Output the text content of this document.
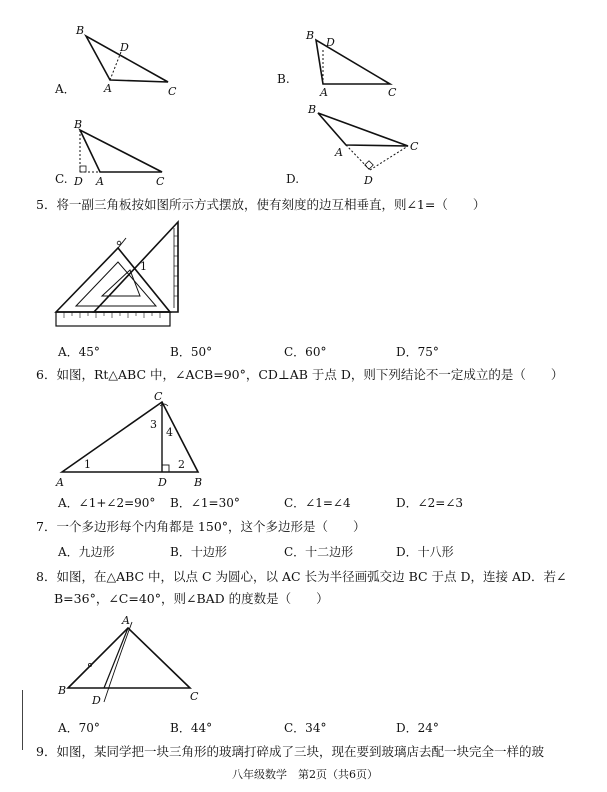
A．
B
D
A	C
B.
B
D
A	C
C.
B
D A	C	D.
B
A	C
D
5．将一副三角板按如图所示方式摆放，使有刻度的边互相垂直，则∠1=（　　）
1
A．45°	B．50°	C．60°	D．75°
6．如图，Rt△ABC 中，∠ACB=90°，CD⊥AB 于点 D，则下列结论不一定成立的是（　　）
C
A	D B
1	2
3
4
A．∠1+∠2=90° B．∠1=30°	C．∠1=∠4	D．∠2=∠3
7．一个多边形每个内角都是 150°，这个多边形是（　　）
A．九边形	B．十边形	C．十二边形	D．十八形
8．如图，在△ABC 中，以点 C 为圆心，以 AC 长为半径画弧交边 BC 于点 D，连接 AD．若∠
B=36°，∠C=40°，则∠BAD 的度数是（　　）
A
B	C
D
A．70°	B．44°	C．34°	D．24°
9．如图，某同学把一块三角形的玻璃打碎成了三块，现在要到玻璃店去配一块完全一样的玻
八年级数学　第2页（共6页）
